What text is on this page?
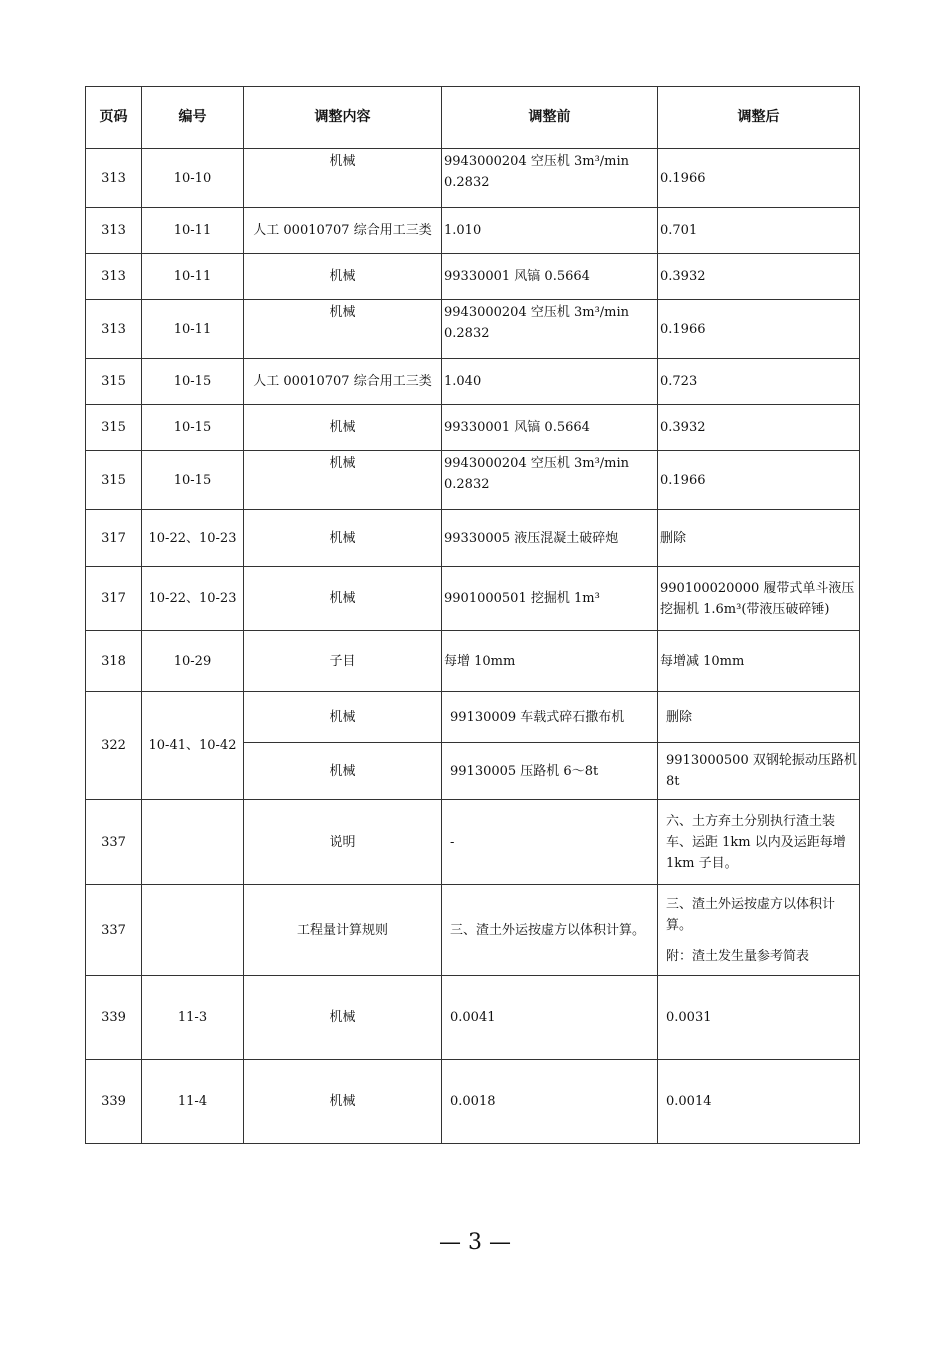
页码	编号	调整内容	调整前	调整后
313	10-10	机械	9943000204 空压机 3m³/min 0.2832	0.1966
313	10-11	人工 00010707 综合用工三类	1.010	0.701
313	10-11	机械	99330001 风镐 0.5664	0.3932
313	10-11	机械	9943000204 空压机 3m³/min 0.2832	0.1966
315	10-15	人工 00010707 综合用工三类	1.040	0.723
315	10-15	机械	99330001 风镐 0.5664	0.3932
315	10-15	机械	9943000204 空压机 3m³/min 0.2832	0.1966
317	10-22、10-23	机械	99330005 液压混凝土破碎炮	删除
317	10-22、10-23	机械	9901000501 挖掘机 1m³	990100020000 履带式单斗液压挖掘机 1.6m³(带液压破碎锤)
318	10-29	子目	每增 10mm	每增减 10mm
322	10-41、10-42	机械	99130009 车载式碎石撒布机	删除
		机械	99130005 压路机 6～8t	9913000500 双钢轮振动压路机 8t
337		说明	-	六、土方弃土分别执行渣土装车、运距 1km 以内及运距每增 1km 子目。
337		工程量计算规则	三、渣土外运按虚方以体积计算。	三、渣土外运按虚方以体积计算。
附：渣土发生量参考简表

339	11-3	机械	0.0041	0.0031
339	11-4	机械	0.0018	0.0014
— 3 —
